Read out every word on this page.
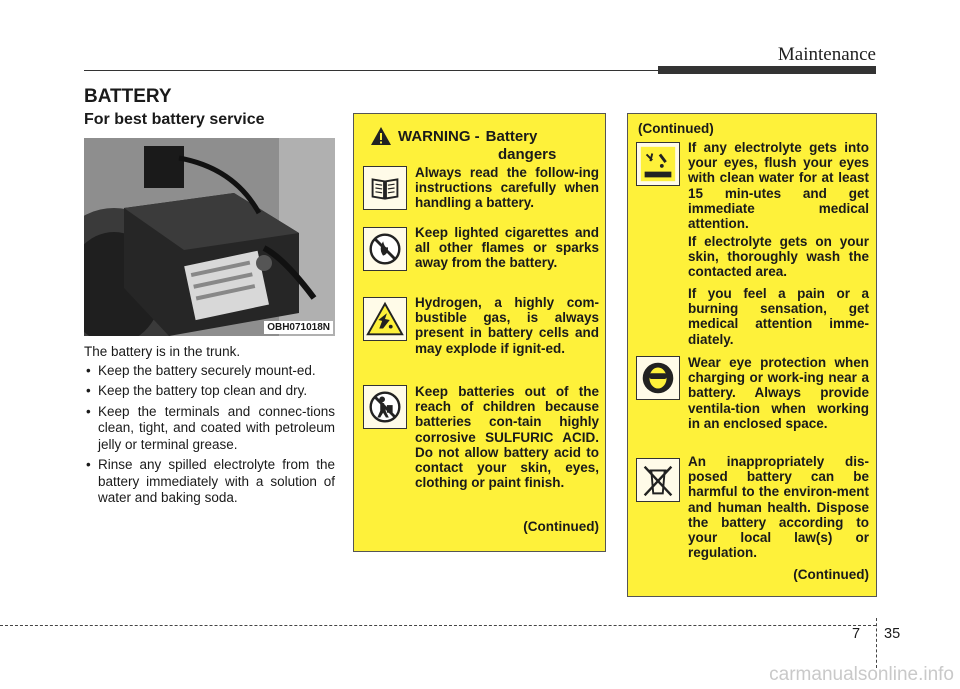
Maintenance
BATTERY
For best battery service
OBH071018N

The battery is in the trunk.

• Keep the battery securely mount-ed.
• Keep the battery top clean and dry.
• Keep the terminals and connec-tions clean, tight, and coated with petroleum jelly or terminal grease.
• Rinse any spilled electrolyte from the battery immediately with a solution of water and baking soda.
WARNING - Battery
dangers
Always read the follow-ing instructions carefully when handling a battery.
Keep lighted cigarettes and all other flames or sparks away from the battery.
Hydrogen, a highly com-bustible gas, is always present in battery cells and may explode if ignit-ed.
Keep batteries out of the reach of children because batteries con-tain highly corrosive SULFURIC ACID. Do not allow battery acid to contact your skin, eyes, clothing or paint finish.
(Continued)
(Continued)
If any electrolyte gets into your eyes, flush your eyes with clean water for at least 15 min-utes and get immediate medical attention.
If electrolyte gets on your skin, thoroughly wash the contacted area.
If you feel a pain or a burning sensation, get medical attention imme-diately.
Wear eye protection when charging or work-ing near a battery. Always provide ventila-tion when working in an enclosed space.
An inappropriately dis-posed battery can be harmful to the environ-ment and human health. Dispose the battery according to your local law(s) or regulation.
(Continued)
7 35
carmanualsonline.info
